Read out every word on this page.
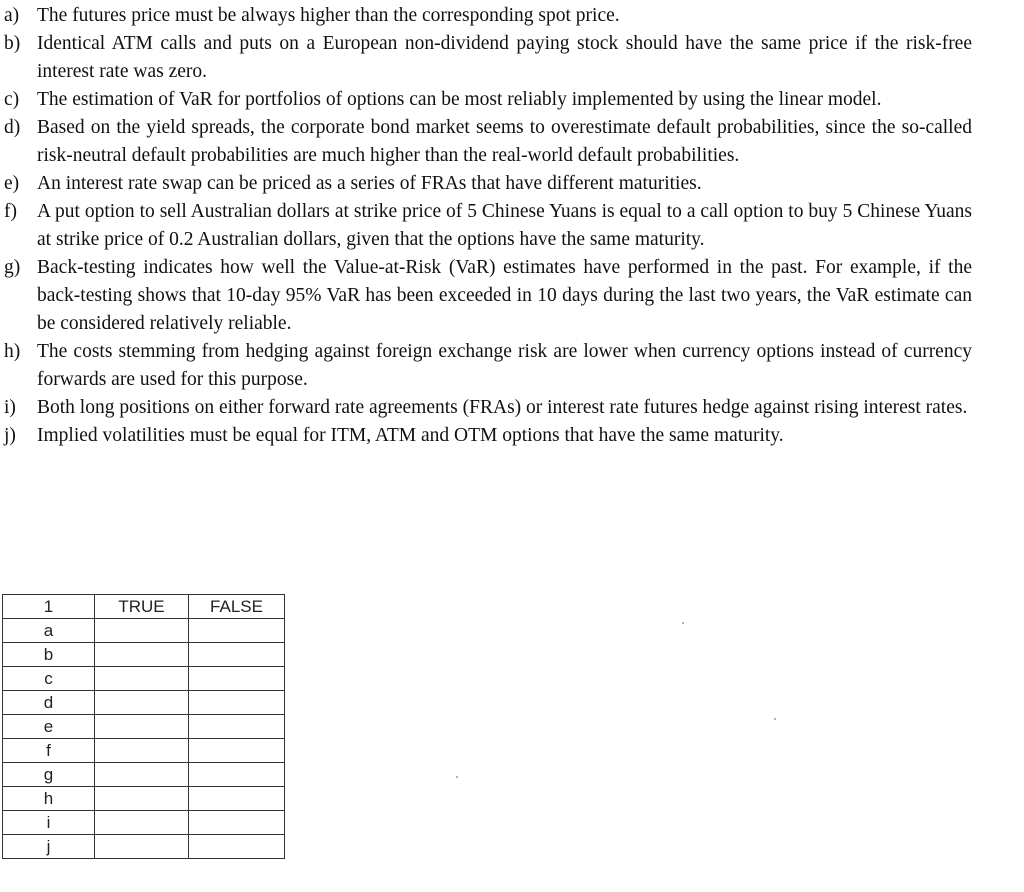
a) The futures price must be always higher than the corresponding spot price.
b) Identical ATM calls and puts on a European non-dividend paying stock should have the same price if the risk-free interest rate was zero.
c) The estimation of VaR for portfolios of options can be most reliably implemented by using the linear model.
d) Based on the yield spreads, the corporate bond market seems to overestimate default probabilities, since the so-called risk-neutral default probabilities are much higher than the real-world default probabilities.
e) An interest rate swap can be priced as a series of FRAs that have different maturities.
f)	A put option to sell Australian dollars at strike price of 5 Chinese Yuans is equal to a call option to buy 5 Chinese Yuans at strike price of 0.2 Australian dollars, given that the options have the same maturity.
g) Back-testing indicates how well the Value-at-Risk (VaR) estimates have performed in the past. For example, if the back-testing shows that 10-day 95% VaR has been exceeded in 10 days during the last two years, the VaR estimate can be considered relatively reliable.
h) The costs stemming from hedging against foreign exchange risk are lower when currency options instead of currency forwards are used for this purpose.
i)	Both long positions on either forward rate agreements (FRAs) or interest rate futures hedge against rising interest rates.
j)	Implied volatilities must be equal for ITM, ATM and OTM options that have the same maturity.
1	TRUE	FALSE
a		
b		
c		
d		
e		
f		
g		
h		
i		
j		
